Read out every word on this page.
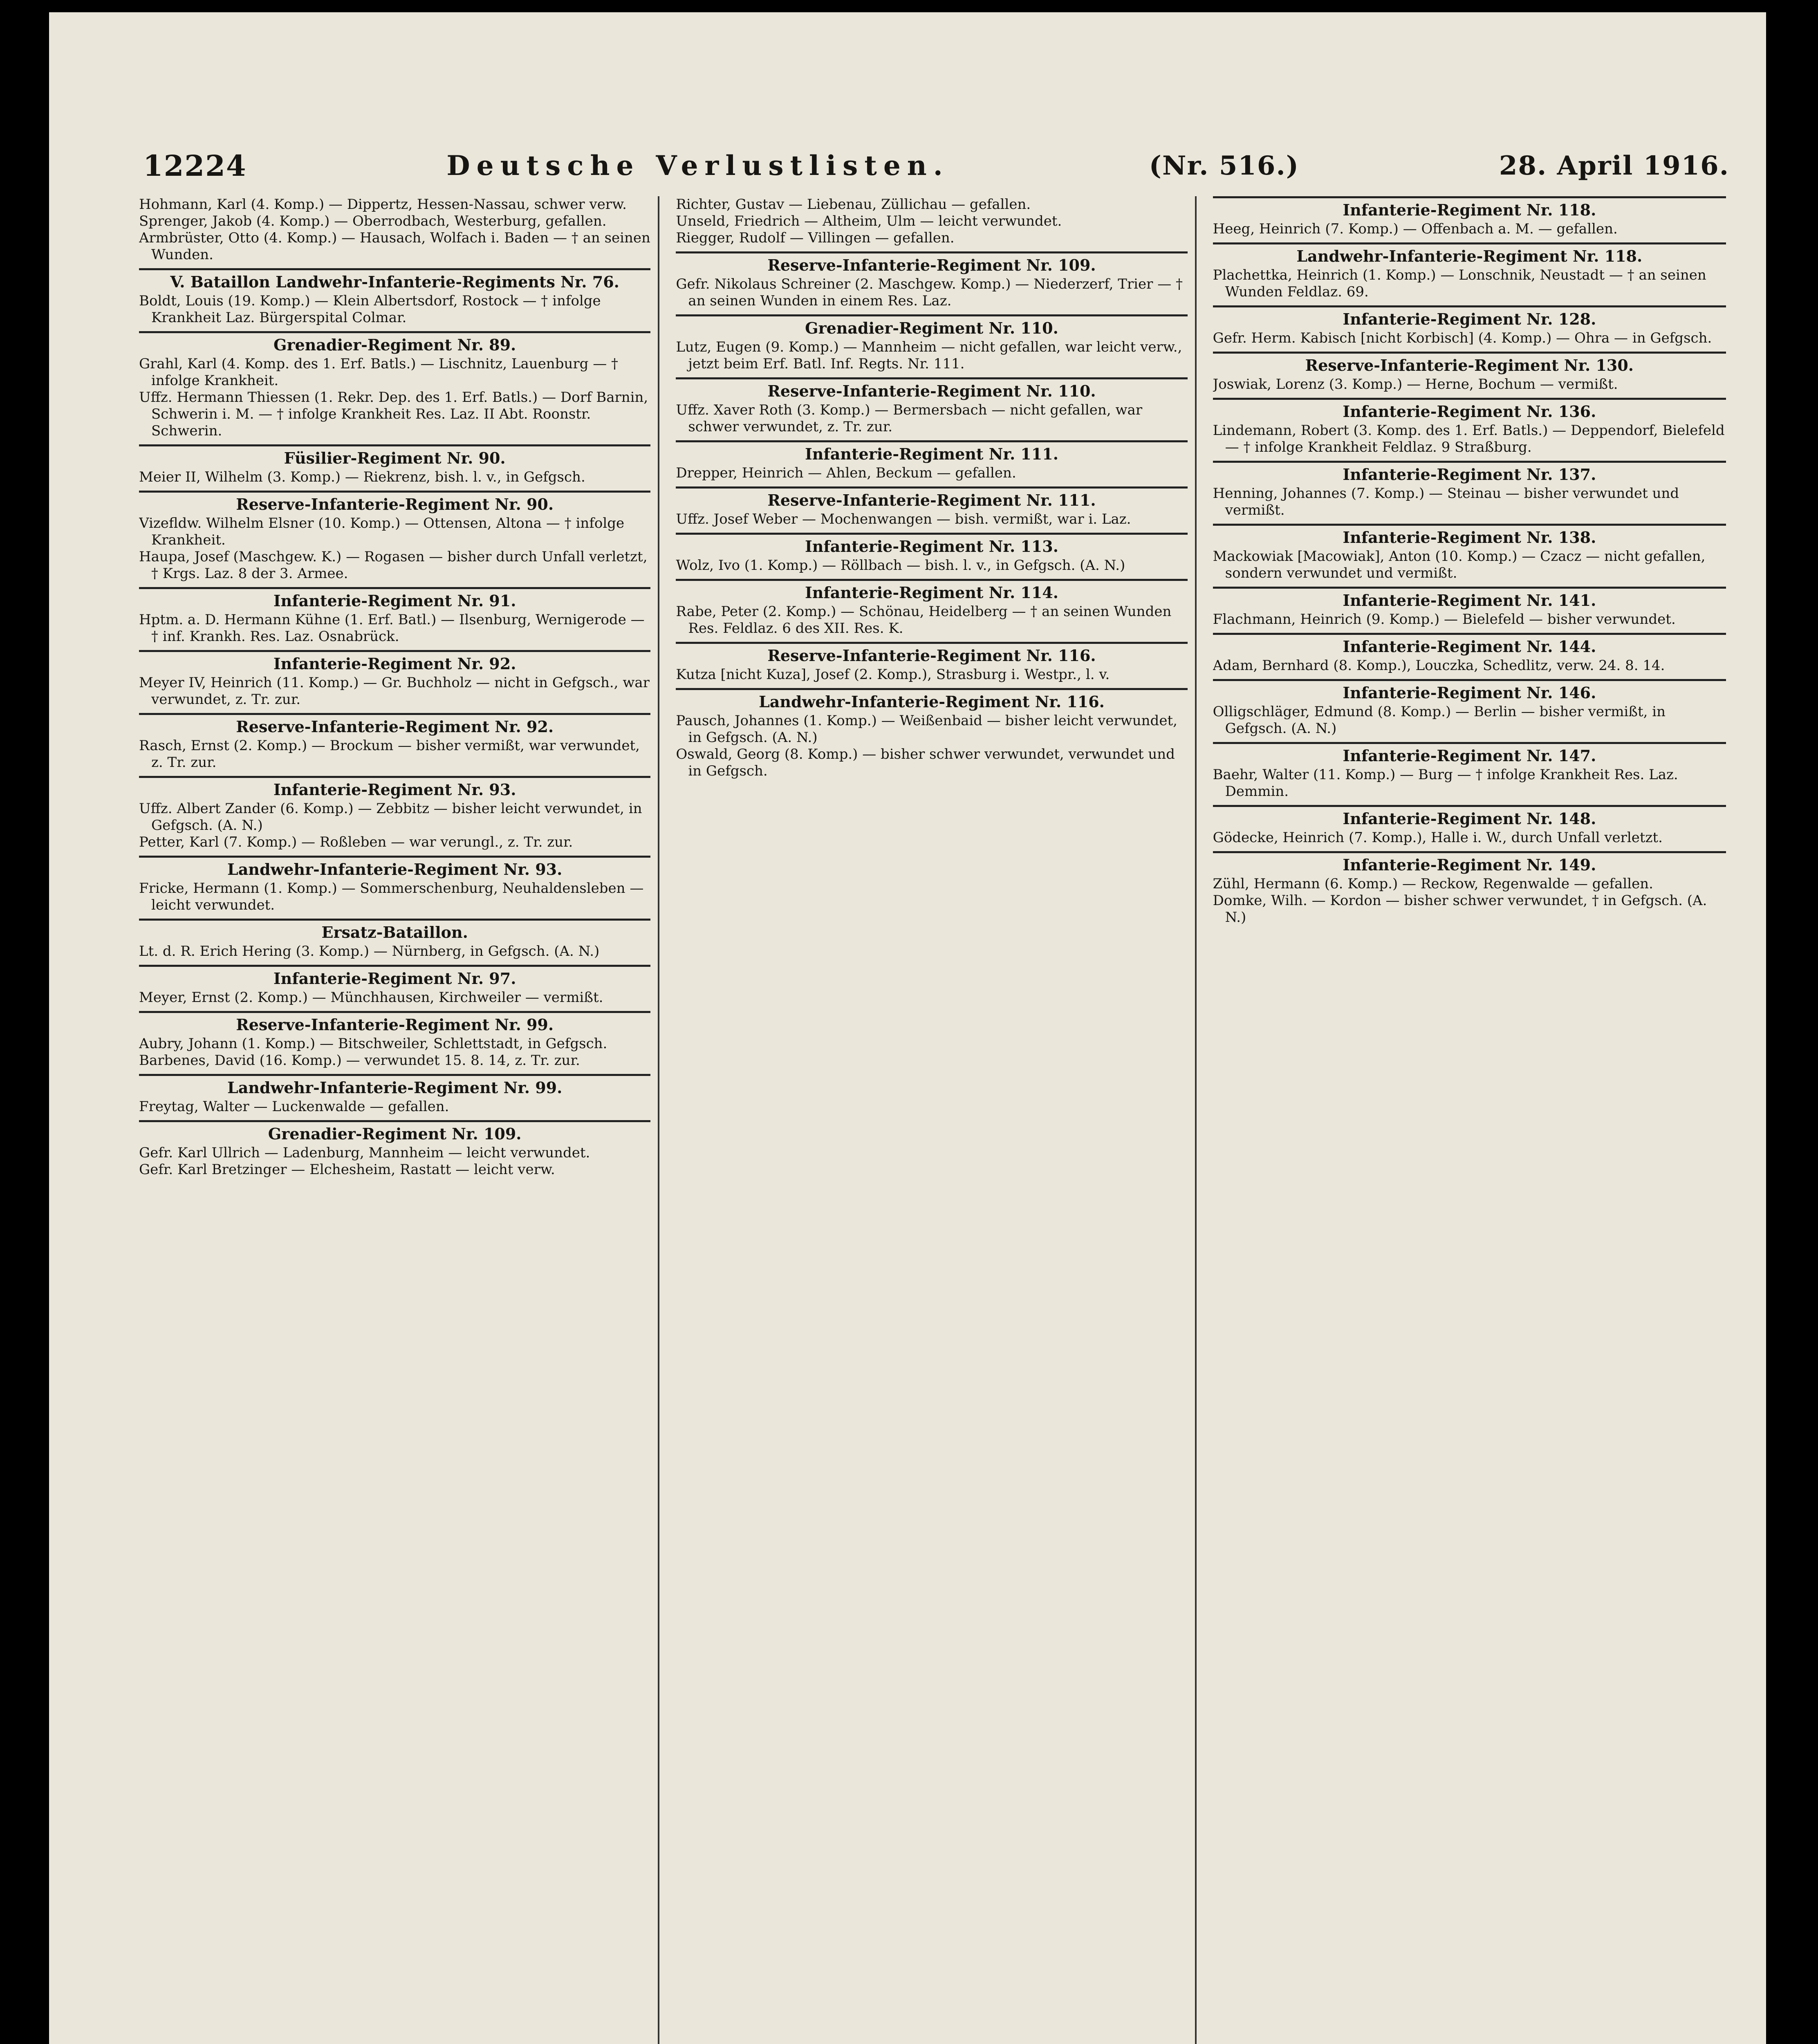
12224	Deutsche Verlustlisten.	(Nr. 516.)	28. April 1916.
Hohmann, Karl (4. Komp.) — Dippertz, Hessen-Nassau, schwer verw.
Sprenger, Jakob (4. Komp.) — Oberrodbach, Westerburg, gefallen.
Armbrüster, Otto (4. Komp.) — Hausach, Wolfach i. Baden — † an seinen Wunden.
V. Bataillon Landwehr-Infanterie-Regiments Nr. 76.
Boldt, Louis (19. Komp.) — Klein Albertsdorf, Rostock — † infolge Krankheit Laz. Bürgerspital Colmar.
Grenadier-Regiment Nr. 89.
Grahl, Karl (4. Komp. des 1. Erf. Batls.) — Lischnitz, Lauenburg — † infolge Krankheit.
Uffz. Hermann Thiessen (1. Rekr. Dep. des 1. Erf. Batls.) — Dorf Barnin, Schwerin i. M. — † infolge Krankheit Res. Laz. II Abt. Roonstr. Schwerin.
Füsilier-Regiment Nr. 90.
Meier II, Wilhelm (3. Komp.) — Riekrenz, bish. l. v., in Gefgsch.
Reserve-Infanterie-Regiment Nr. 90.
Vizefldw. Wilhelm Elsner (10. Komp.) — Ottensen, Altona — † infolge Krankheit.
Haupa, Josef (Maschgew. K.) — Rogasen — bisher durch Unfall verletzt, † Krgs. Laz. 8 der 3. Armee.
Infanterie-Regiment Nr. 91.
Hptm. a. D. Hermann Kühne (1. Erf. Batl.) — Ilsenburg, Wernigerode — † inf. Krankh. Res. Laz. Osnabrück.
Infanterie-Regiment Nr. 92.
Meyer IV, Heinrich (11. Komp.) — Gr. Buchholz — nicht in Gefgsch., war verwundet, z. Tr. zur.
Reserve-Infanterie-Regiment Nr. 92.
Rasch, Ernst (2. Komp.) — Brockum — bisher vermißt, war verwundet, z. Tr. zur.
Infanterie-Regiment Nr. 93.
Uffz. Albert Zander (6. Komp.) — Zebbitz — bisher leicht verwundet, in Gefgsch. (A. N.)
Petter, Karl (7. Komp.) — Roßleben — war verungl., z. Tr. zur.
Landwehr-Infanterie-Regiment Nr. 93.
Fricke, Hermann (1. Komp.) — Sommerschenburg, Neuhaldensleben — leicht verwundet.
Ersatz-Bataillon.
Lt. d. R. Erich Hering (3. Komp.) — Nürnberg, in Gefgsch. (A. N.)
Infanterie-Regiment Nr. 97.
Meyer, Ernst (2. Komp.) — Münchhausen, Kirchweiler — vermißt.
Reserve-Infanterie-Regiment Nr. 99.
Aubry, Johann (1. Komp.) — Bitschweiler, Schlettstadt, in Gefgsch.
Barbenes, David (16. Komp.) — verwundet 15. 8. 14, z. Tr. zur.
Landwehr-Infanterie-Regiment Nr. 99.
Freytag, Walter — Luckenwalde — gefallen.
Grenadier-Regiment Nr. 109.
Gefr. Karl Ullrich — Ladenburg, Mannheim — leicht verwundet.
Gefr. Karl Bretzinger — Elchesheim, Rastatt — leicht verw.
Richter, Gustav — Liebenau, Züllichau — gefallen.
Unseld, Friedrich — Altheim, Ulm — leicht verwundet.
Riegger, Rudolf — Villingen — gefallen.
Reserve-Infanterie-Regiment Nr. 109.
Gefr. Nikolaus Schreiner (2. Maschgew. Komp.) — Niederzerf, Trier — † an seinen Wunden in einem Res. Laz.
Grenadier-Regiment Nr. 110.
Lutz, Eugen (9. Komp.) — Mannheim — nicht gefallen, war leicht verw., jetzt beim Erf. Batl. Inf. Regts. Nr. 111.
Reserve-Infanterie-Regiment Nr. 110.
Uffz. Xaver Roth (3. Komp.) — Bermersbach — nicht gefallen, war schwer verwundet, z. Tr. zur.
Infanterie-Regiment Nr. 111.
Drepper, Heinrich — Ahlen, Beckum — gefallen.
Reserve-Infanterie-Regiment Nr. 111.
Uffz. Josef Weber — Mochenwangen — bish. vermißt, war i. Laz.
Infanterie-Regiment Nr. 113.
Wolz, Ivo (1. Komp.) — Röllbach — bish. l. v., in Gefgsch. (A. N.)
Infanterie-Regiment Nr. 114.
Rabe, Peter (2. Komp.) — Schönau, Heidelberg — † an seinen Wunden Res. Feldlaz. 6 des XII. Res. K.
Reserve-Infanterie-Regiment Nr. 116.
Kutza [nicht Kuza], Josef (2. Komp.), Strasburg i. Westpr., l. v.
Landwehr-Infanterie-Regiment Nr. 116.
Pausch, Johannes (1. Komp.) — Weißenbaid — bisher leicht verwundet, in Gefgsch. (A. N.)
Oswald, Georg (8. Komp.) — bisher schwer verwundet, verwundet und in Gefgsch.
Infanterie-Regiment Nr. 118.
Heeg, Heinrich (7. Komp.) — Offenbach a. M. — gefallen.
Landwehr-Infanterie-Regiment Nr. 118.
Plachettka, Heinrich (1. Komp.) — Lonschnik, Neustadt — † an seinen Wunden Feldlaz. 69.
Infanterie-Regiment Nr. 128.
Gefr. Herm. Kabisch [nicht Korbisch] (4. Komp.) — Ohra — in Gefgsch.
Reserve-Infanterie-Regiment Nr. 130.
Joswiak, Lorenz (3. Komp.) — Herne, Bochum — vermißt.
Infanterie-Regiment Nr. 136.
Lindemann, Robert (3. Komp. des 1. Erf. Batls.) — Deppendorf, Bielefeld — † infolge Krankheit Feldlaz. 9 Straßburg.
Infanterie-Regiment Nr. 137.
Henning, Johannes (7. Komp.) — Steinau — bisher verwundet und vermißt.
Infanterie-Regiment Nr. 138.
Mackowiak [Macowiak], Anton (10. Komp.) — Czacz — nicht gefallen, sondern verwundet und vermißt.
Infanterie-Regiment Nr. 141.
Flachmann, Heinrich (9. Komp.) — Bielefeld — bisher verwundet.
Infanterie-Regiment Nr. 144.
Adam, Bernhard (8. Komp.), Louczka, Schedlitz, verw. 24. 8. 14.
Infanterie-Regiment Nr. 146.
Olligschläger, Edmund (8. Komp.) — Berlin — bisher vermißt, in Gefgsch. (A. N.)
Infanterie-Regiment Nr. 147.
Baehr, Walter (11. Komp.) — Burg — † infolge Krankheit Res. Laz. Demmin.
Infanterie-Regiment Nr. 148.
Gödecke, Heinrich (7. Komp.), Halle i. W., durch Unfall verletzt.
Infanterie-Regiment Nr. 149.
Zühl, Hermann (6. Komp.) — Reckow, Regenwalde — gefallen.
Domke, Wilh. — Kordon — bisher schwer verwundet, † in Gefgsch. (A. N.)
